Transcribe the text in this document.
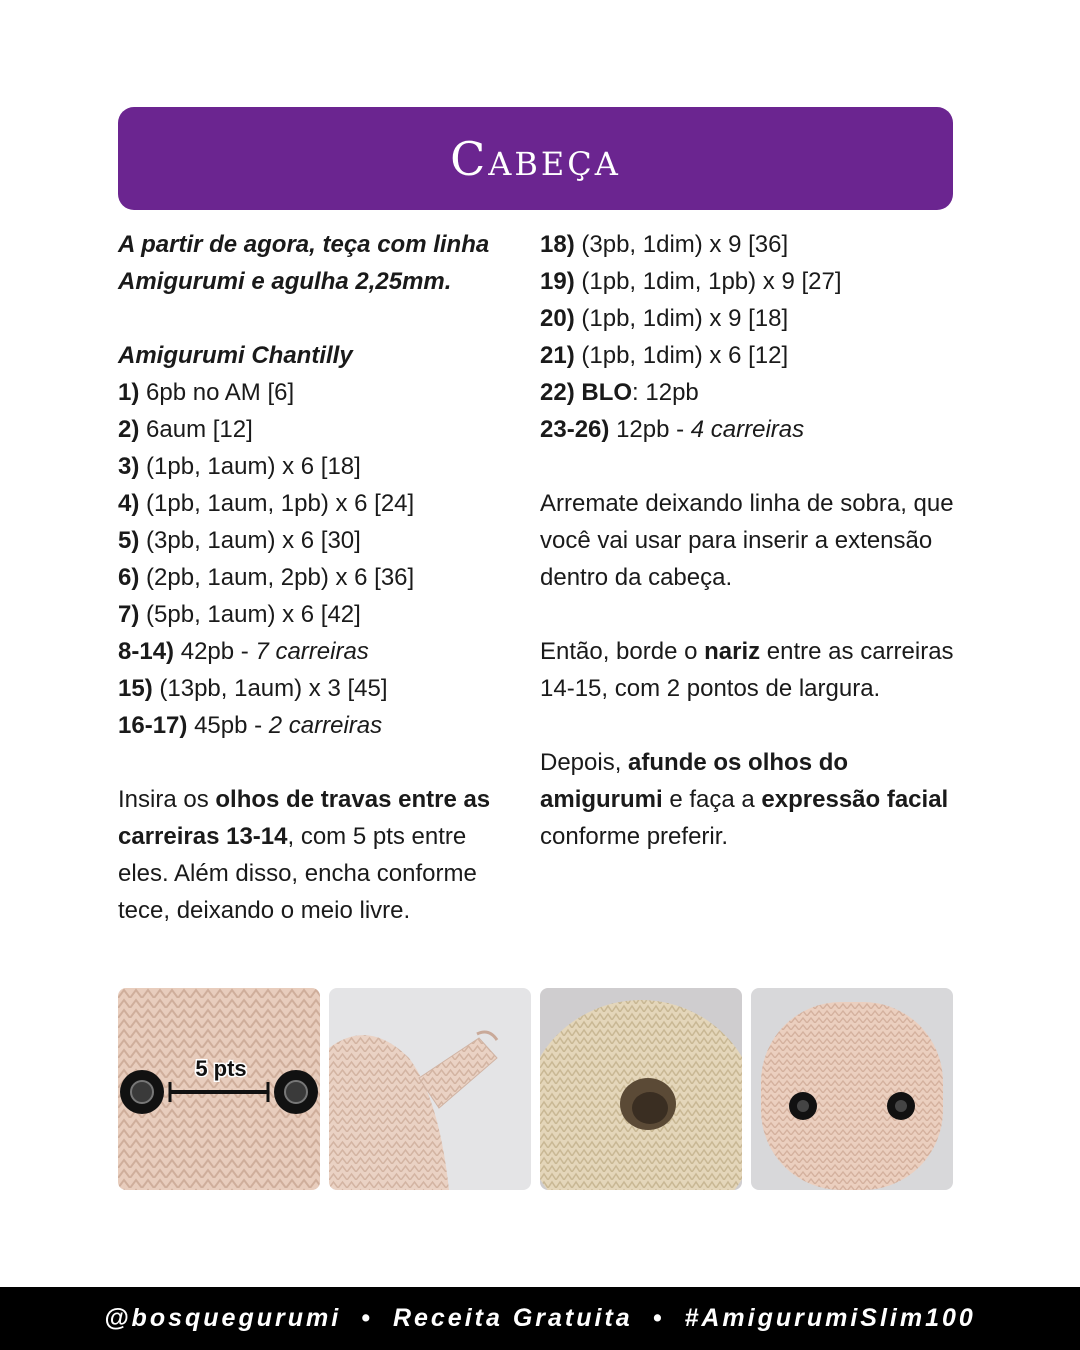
Cabeça
A partir de agora, teça com linha
Amigurumi e agulha 2,25mm.
Amigurumi Chantilly
1) 6pb no AM [6]
2) 6aum [12]
3) (1pb, 1aum) x 6 [18]
4) (1pb, 1aum, 1pb) x 6 [24]
5) (3pb, 1aum) x 6 [30]
6) (2pb, 1aum, 2pb) x 6 [36]
7) (5pb, 1aum) x 6 [42]
8-14) 42pb - 7 carreiras
15) (13pb, 1aum) x 3 [45]
16-17) 45pb - 2 carreiras

Insira os olhos de travas entre as carreiras 13-14, com 5 pts entre eles. Além disso, encha conforme tece, deixando o meio livre.

18) (3pb, 1dim) x 9 [36]
19) (1pb, 1dim, 1pb) x 9 [27]
20) (1pb, 1dim) x 9 [18]
21) (1pb, 1dim) x 6 [12]
22) BLO: 12pb
23-26) 12pb - 4 carreiras

Arremate deixando linha de sobra, que você vai usar para inserir a extensão dentro da cabeça.

Então, borde o nariz entre as carreiras 14-15, com 2 pontos de largura.

Depois, afunde os olhos do amigurumi e faça a expressão facial conforme preferir.

5 pts
@bosquegurumi • Receita Gratuita • #AmigurumiSlim100
